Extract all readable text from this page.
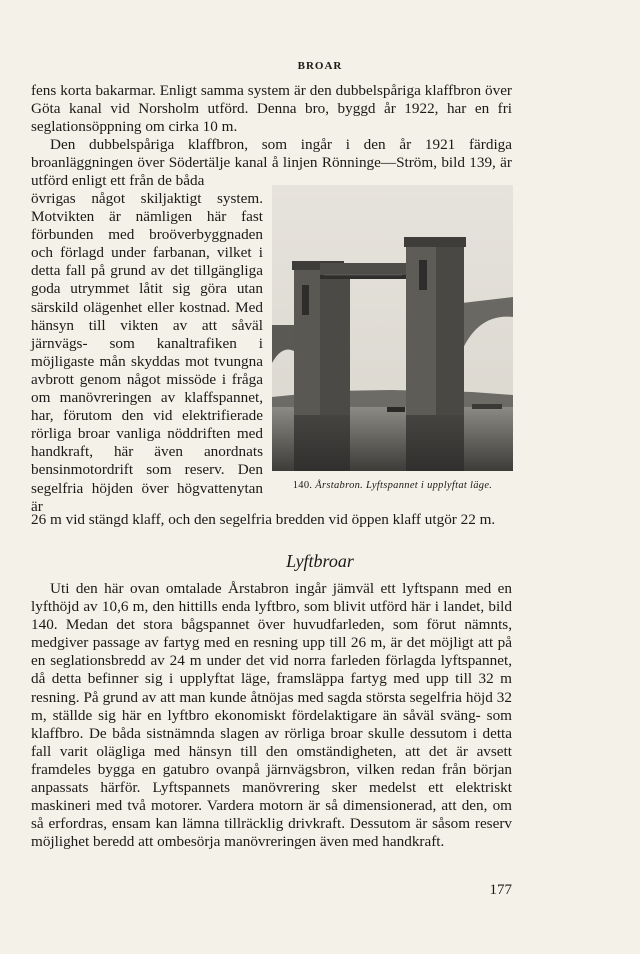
BROAR
fens korta bakarmar. Enligt samma system är den dubbelspåriga klaffbron över Göta kanal vid Norsholm utförd. Denna bro, byggd år 1922, har en fri seglationsöppning om cirka 10 m.
Den dubbelspåriga klaffbron, som ingår i den år 1921 färdiga broanläggningen över Södertälje kanal å linjen Rönninge—Ström, bild 139, är utförd enligt ett från de båda
övrigas något skiljaktigt system. Motvikten är nämligen här fast förbunden med broöverbyggnaden och förlagd under farbanan, vilket i detta fall på grund av det tillgängliga goda utrymmet låtit sig göra utan särskild olägenhet eller kostnad. Med hänsyn till vikten av att såväl järnvägs- som kanaltrafiken i möjligaste mån skyddas mot tvungna avbrott genom något missöde i fråga om manövreringen av klaffspannet, har, förutom den vid elektrifierade rörliga broar vanliga nöddriften med handkraft, här även anordnats bensinmotordrift som reserv. Den segelfria höjden över högvattenytan är
140. Årstabron. Lyftspannet i upplyftat läge.
26 m vid stängd klaff, och den segelfria bredden vid öppen klaff utgör 22 m.
Lyftbroar
Uti den här ovan omtalade Årstabron ingår jämväl ett lyftspann med en lyfthöjd av 10,6 m, den hittills enda lyftbro, som blivit utförd här i landet, bild 140. Medan det stora bågspannet över huvudfarleden, som förut nämnts, medgiver passage av fartyg med en resning upp till 26 m, är det möjligt att på en seglationsbredd av 24 m under det vid norra farleden förlagda lyftspannet, då detta befinner sig i upplyftat läge, framsläppa fartyg med upp till 32 m resning. På grund av att man kunde åtnöjas med sagda största segelfria höjd 32 m, ställde sig här en lyftbro ekonomiskt fördelaktigare än såväl sväng- som klaffbro. De båda sistnämnda slagen av rörliga broar skulle dessutom i detta fall varit olägliga med hänsyn till den omständigheten, att det är avsett framdeles bygga en gatubro ovanpå järnvägsbron, vilken redan från början anpassats härför. Lyftspannets manövrering sker medelst ett elektriskt maskineri med två motorer. Vardera motorn är så dimensionerad, att den, om så erfordras, ensam kan lämna tillräcklig drivkraft. Dessutom är såsom reserv möjlighet beredd att ombesörja manövreringen även med handkraft.
177
